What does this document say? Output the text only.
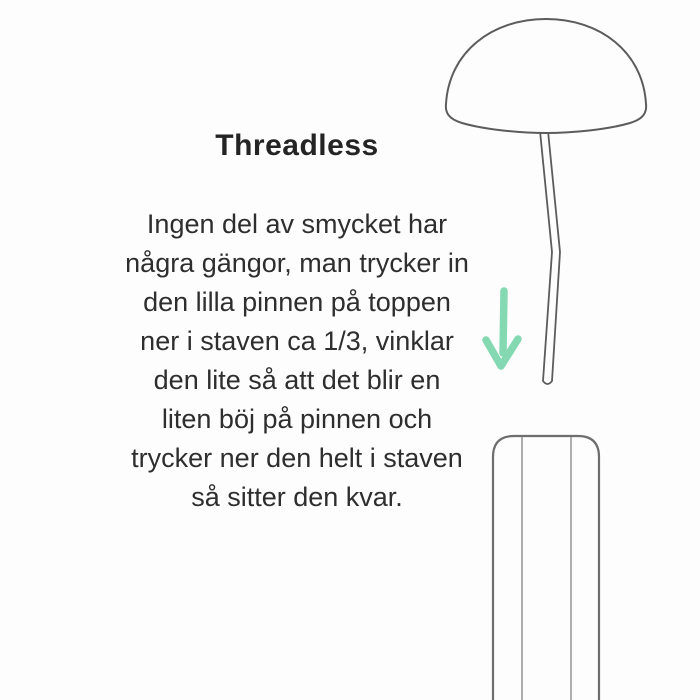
Threadless
Ingen del av smycket har
några gängor, man trycker in
den lilla pinnen på toppen
ner i staven ca 1/3, vinklar
den lite så att det blir en
liten böj på pinnen och
trycker ner den helt i staven
så sitter den kvar.
